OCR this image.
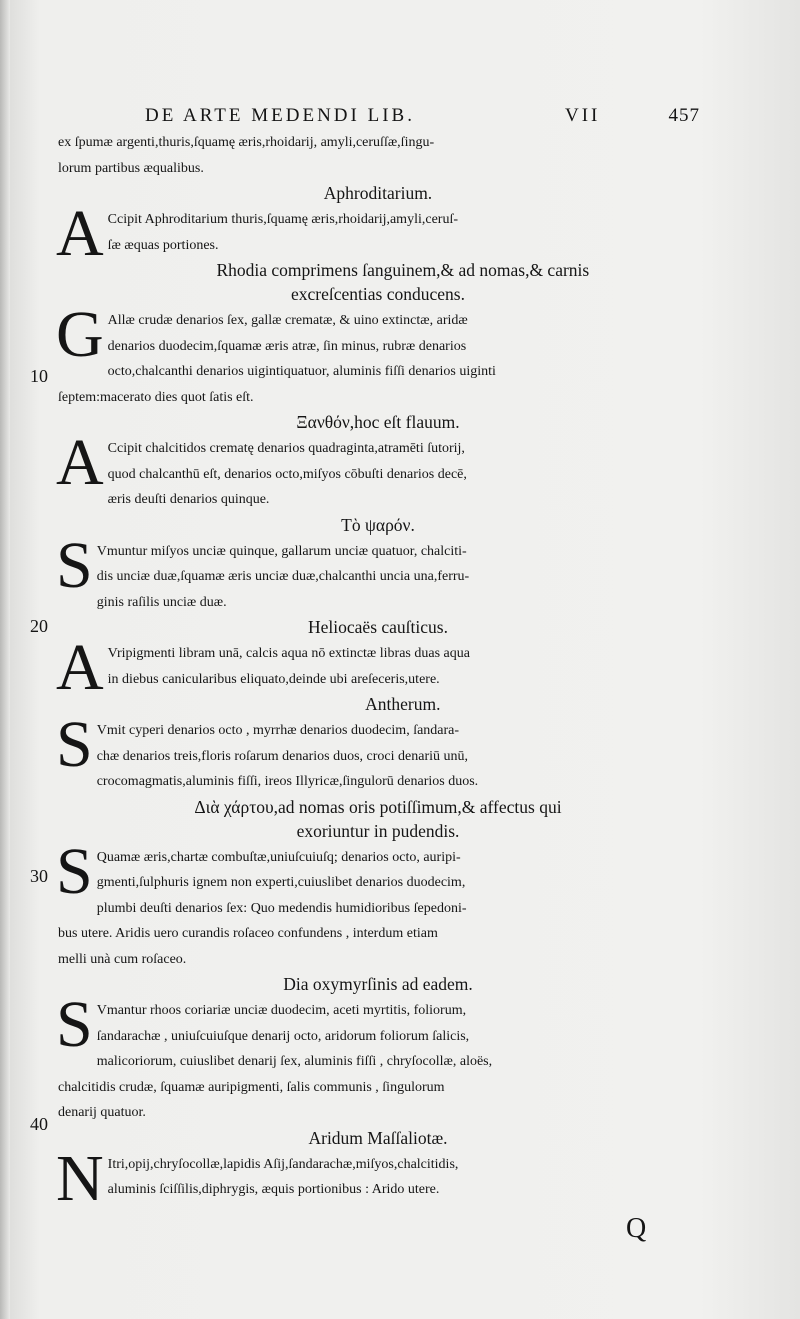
DE ARTE MEDENDI LIB.	VII	457
10
20
30
40
ex ſpumæ argenti,thuris,ſquamę æris,rhoidarij, amyli,ceruſſæ,ſingu-
lorum partibus æqualibus.
Aphroditarium.
A Ccipit Aphroditarium thuris,ſquamę æris,rhoidarij,amyli,ceruſ-
ſæ æquas portiones.
Rhodia comprimens ſanguinem,& ad nomas,& carnis
excreſcentias conducens.
G Allæ crudæ denarios ſex, gallæ crematæ, & uino extinctæ, aridæ
denarios duodecim,ſquamæ æris atræ, ſin minus, rubræ denarios
octo,chalcanthi denarios uigintiquatuor, aluminis fiſſi denarios uiginti
ſeptem:macerato dies quot ſatis eſt.
Ξανθόν,hoc eſt flauum.
A Ccipit chalcitidos crematę denarios quadraginta,atramēti ſutorij,
quod chalcanthū eſt, denarios octo,miſyos cōbuſti denarios decē,
æris deuſti denarios quinque.
Τὸ ψαρόν.
S Vmuntur miſyos unciæ quinque, gallarum unciæ quatuor, chalciti-
dis unciæ duæ,ſquamæ æris unciæ duæ,chalcanthi uncia una,ferru-
ginis raſilis unciæ duæ.
Heliocaës cauſticus.
A Vripigmenti libram unā, calcis aqua nō extinctæ libras duas aqua
in diebus canicularibus eliquato,deinde ubi areſeceris,utere.
Antherum.
S Vmit cyperi denarios octo , myrrhæ denarios duodecim, ſandara-
chæ denarios treis,floris roſarum denarios duos, croci denariū unū,
crocomagmatis,aluminis fiſſi, ireos Illyricæ,ſingulorū denarios duos.
Διὰ χάρτου,ad nomas oris potiſſimum,& affectus qui
exoriuntur in pudendis.
S Quamæ æris,chartæ combuſtæ,uniuſcuiuſq; denarios octo, auripi-
gmenti,ſulphuris ignem non experti,cuiuslibet denarios duodecim,
plumbi deuſti denarios ſex: Quo medendis humidioribus ſepedoni-
bus utere. Aridis uero curandis roſaceo confundens , interdum etiam
melli unà cum roſaceo.
Dia oxymyrſinis ad eadem.
S Vmantur rhoos coriariæ unciæ duodecim, aceti myrtitis, foliorum,
ſandarachæ , uniuſcuiuſque denarij octo, aridorum foliorum ſalicis,
malicoriorum, cuiuslibet denarij ſex, aluminis fiſſi , chryſocollæ, aloës,
chalcitidis crudæ, ſquamæ auripigmenti, ſalis communis , ſingulorum
denarij quatuor.
Aridum Maſſaliotæ.
N Itri,opij,chryſocollæ,lapidis Aſij,ſandarachæ,miſyos,chalcitidis,
aluminis ſciſſilis,diphrygis, æquis portionibus : Arido utere.
Q
